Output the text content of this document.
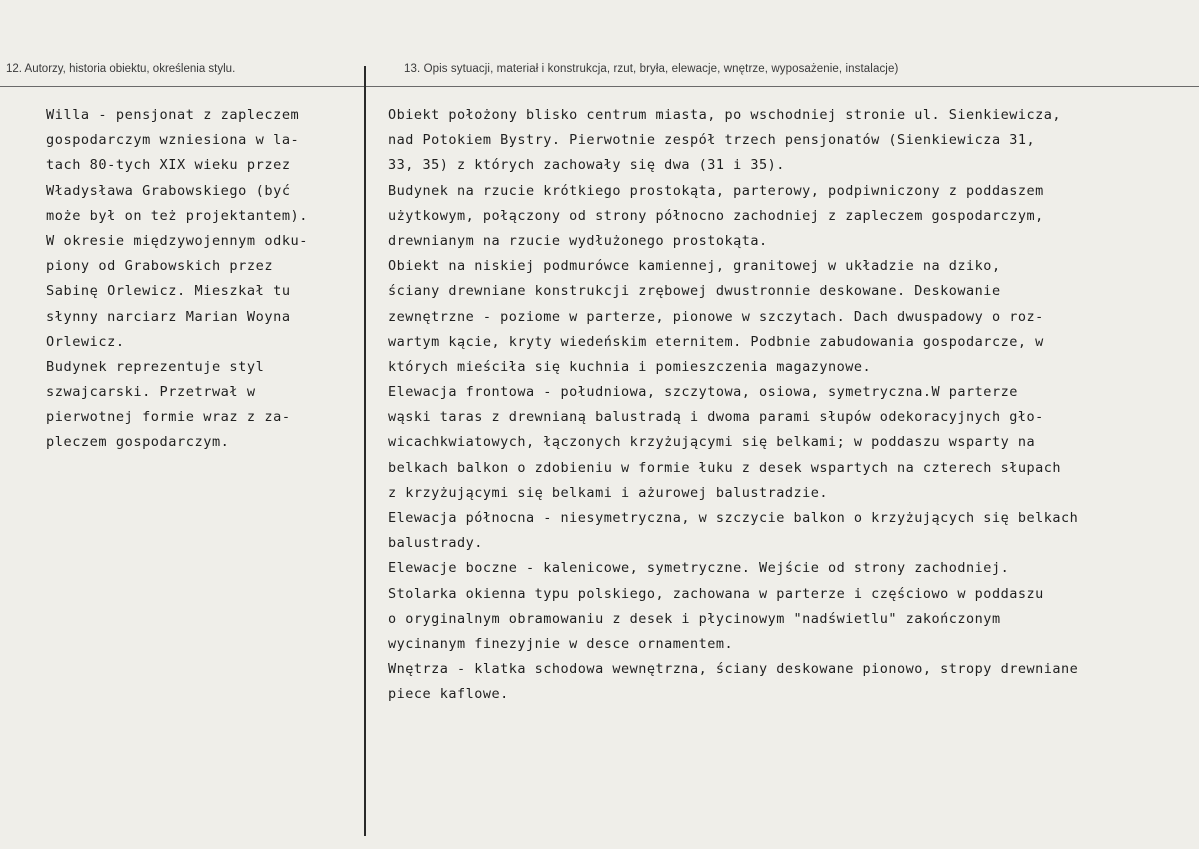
12. Autorzy, historia obiektu, określenia stylu.	13. Opis sytuacji, materiał i konstrukcja, rzut, bryła, elewacje, wnętrze, wyposażenie, instalacje)
Willa - pensjonat z zapleczem
gospodarczym wzniesiona w la-
tach 80-tych XIX wieku przez
Władysława Grabowskiego (być
może był on też projektantem).
W okresie międzywojennym odku-
piony od Grabowskich przez
Sabinę Orlewicz. Mieszkał tu
słynny narciarz Marian Woyna
Orlewicz.
Budynek reprezentuje styl
szwajcarski. Przetrwał w
pierwotnej formie wraz z za-
pleczem gospodarczym.
Obiekt położony blisko centrum miasta, po wschodniej stronie ul. Sienkiewicza,
nad Potokiem Bystry. Pierwotnie zespół trzech pensjonatów (Sienkiewicza 31,
33, 35) z których zachowały się dwa (31 i 35).
Budynek na rzucie krótkiego prostokąta, parterowy, podpiwniczony z poddaszem
użytkowym, połączony od strony północno zachodniej z zapleczem gospodarczym,
drewnianym na rzucie wydłużonego prostokąta.
Obiekt na niskiej podmurówce kamiennej, granitowej w układzie na dziko,
ściany drewniane konstrukcji zrębowej dwustronnie deskowane. Deskowanie
zewnętrzne - poziome w parterze, pionowe w szczytach. Dach dwuspadowy o roz-
wartym kącie, kryty wiedeńskim eternitem. Podbnie zabudowania gospodarcze, w
których mieściła się kuchnia i pomieszczenia magazynowe.
Elewacja frontowa - południowa, szczytowa, osiowa, symetryczna.W parterze
wąski taras z drewnianą balustradą i dwoma parami słupów odekoracyjnych gło-
wicachkwiatowych, łączonych krzyżującymi się belkami; w poddaszu wsparty na
belkach balkon o zdobieniu w formie łuku z desek wspartych na czterech słupach
z krzyżującymi się belkami i ażurowej balustradzie.
Elewacja północna - niesymetryczna, w szczycie balkon o krzyżujących się belkach
balustrady.
Elewacje boczne - kalenicowe, symetryczne. Wejście od strony zachodniej.
Stolarka okienna typu polskiego, zachowana w parterze i częściowo w poddaszu
o oryginalnym obramowaniu z desek i płycinowym "nadświetlu" zakończonym
wycinanym finezyjnie w desce ornamentem.
Wnętrza - klatka schodowa wewnętrzna, ściany deskowane pionowo, stropy drewniane
piece kaflowe.
